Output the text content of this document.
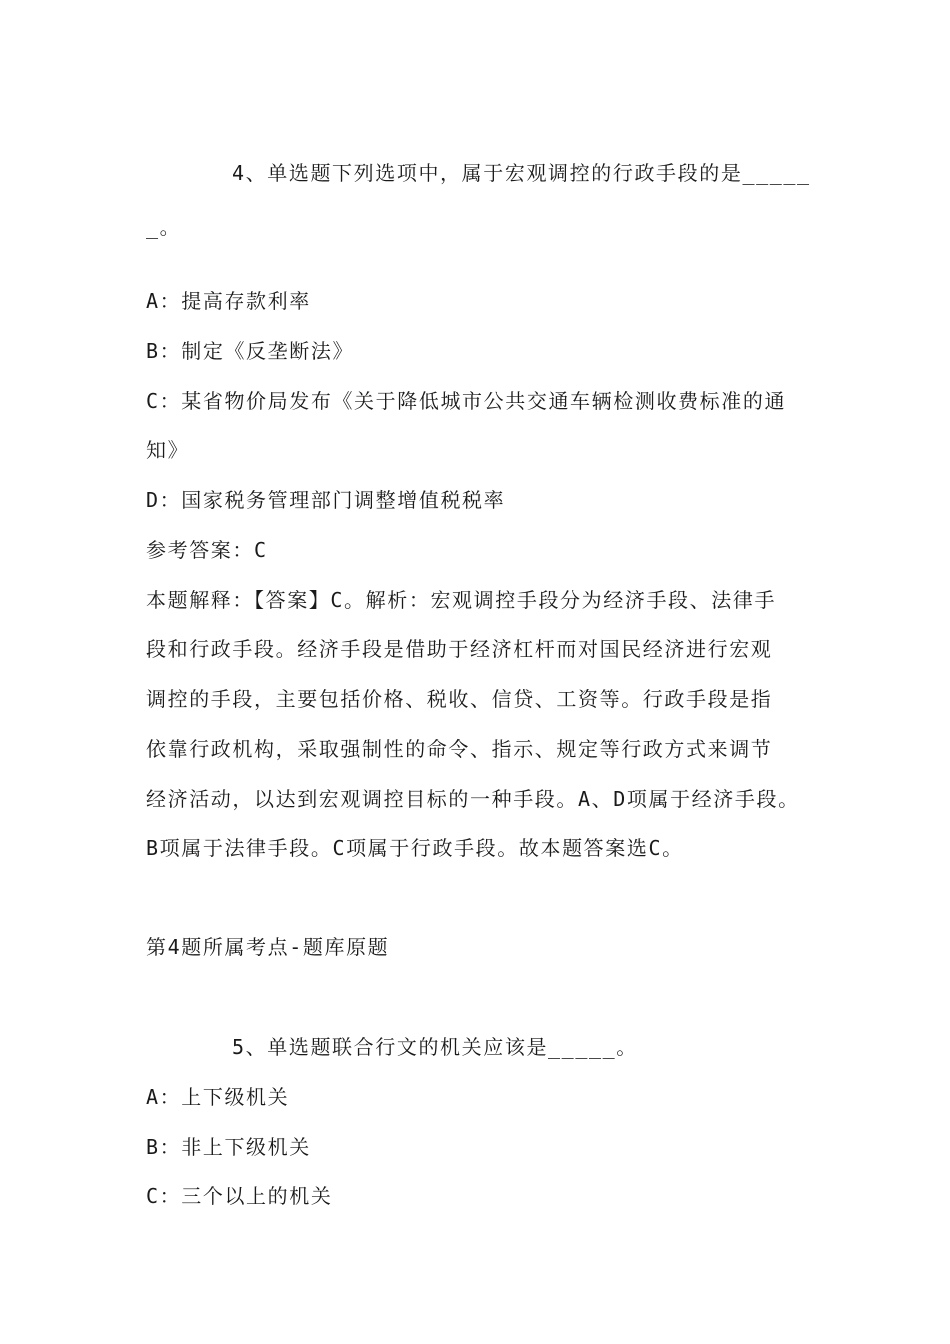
4、单选题下列选项中，属于宏观调控的行政手段的是_____

_。

A：提高存款利率

B：制定《反垄断法》

C：某省物价局发布《关于降低城市公共交通车辆检测收费标准的通

知》

D：国家税务管理部门调整增值税税率

参考答案：C

本题解释：【答案】C。解析：宏观调控手段分为经济手段、法律手

段和行政手段。经济手段是借助于经济杠杆而对国民经济进行宏观

调控的手段，主要包括价格、税收、信贷、工资等。行政手段是指

依靠行政机构，采取强制性的命令、指示、规定等行政方式来调节

经济活动，以达到宏观调控目标的一种手段。A、D项属于经济手段。

B项属于法律手段。C项属于行政手段。故本题答案选C。

第4题所属考点-题库原题

5、单选题联合行文的机关应该是_____。

A：上下级机关

B：非上下级机关

C：三个以上的机关
